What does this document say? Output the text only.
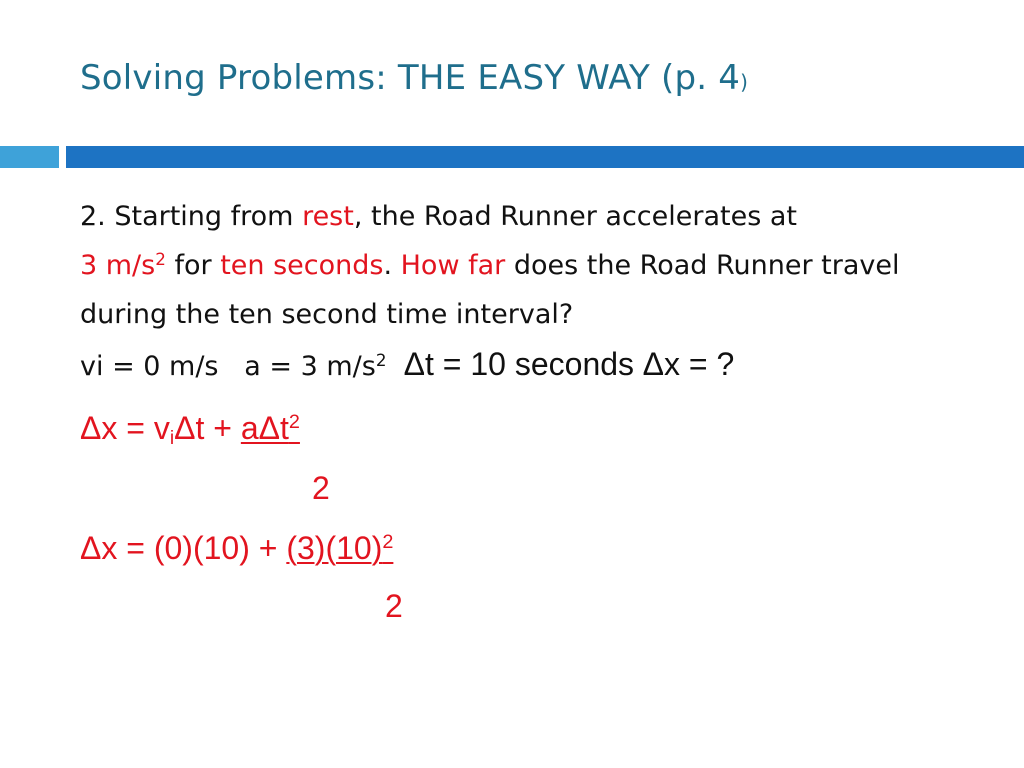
Solving Problems: THE EASY WAY (p. 4)

2. Starting from rest, the Road Runner accelerates at
3 $m/s^2$ for ten seconds. How far does the Road Runner travel during the ten second time interval?

vi = 0 m/s a = 3 $m/s^2$ Δt = 10 seconds Δx = ?
$\Delta x = v_i\Delta t + a\Delta t^2$
2
$\Delta x = (0)(10) + (3)(10)^2$
2
